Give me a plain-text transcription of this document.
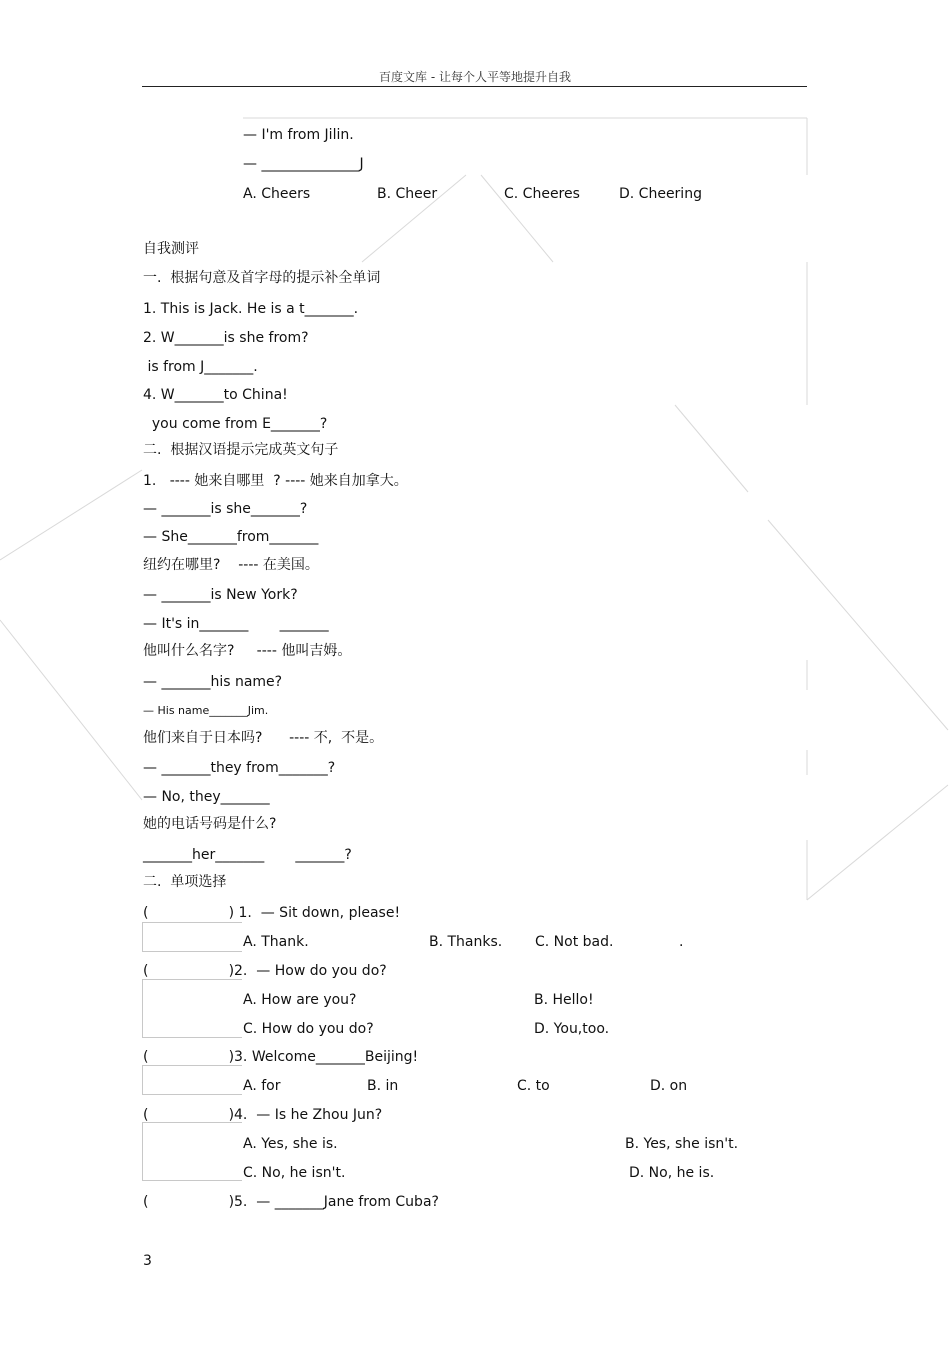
百度文库 - 让每个人平等地提升自我
— I'm from Jilin.
— ______________J
A. Cheers	B. Cheer	C. Cheeres	D. Cheering
自我测评
一.  根据句意及首字母的提示补全单词
1. This is Jack. He is a t_______.
2. W_______is she from?
is from J_______.
4. W_______to China!
you come from E_______?
二.  根据汉语提示完成英文句子
1.   ---- 她来自哪里  ? ---- 她来自加拿大。
— _______is she_______?
— She_______from_______
纽约在哪里?    ---- 在美国。
— _______is New York?
— It's in_______       _______
他叫什么名字?     ---- 他叫吉姆。
— _______his name?
— His name_______Jim.
他们来自于日本吗?      ---- 不,  不是。
— _______they from_______?
— No, they_______
她的电话号码是什么?
_______her_______       _______?
二.  单项选择
(                  ) 1.  — Sit down, please!
A. Thank.	B. Thanks. C. Not bad.	.
(                  )2.  — How do you do?
A. How are you?	B. Hello!
C. How do you do?	D. You,too.
(                  )3. Welcome_______Beijing!
A. for	B. in	C. to	D. on
(                  )4.  — Is he Zhou Jun?
A. Yes, she is.	B. Yes, she isn't.
C. No, he isn't.	D. No, he is.
(                  )5.  — _______Jane from Cuba?
3
